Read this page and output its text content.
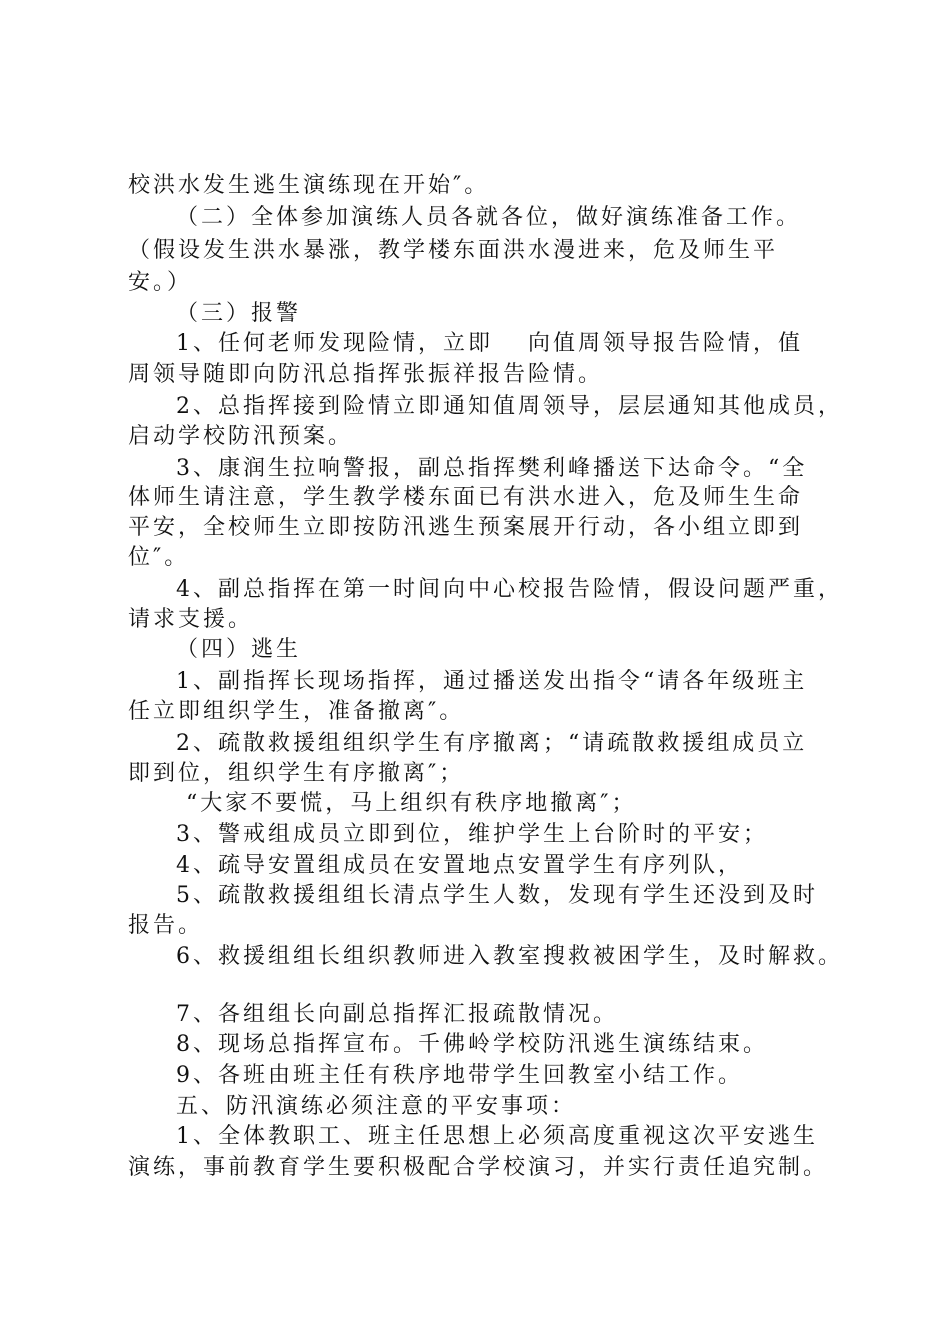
校洪水发生逃生演练现在开始″。

（二）全体参加演练人员各就各位，做好演练准备工作。

（假设发生洪水暴涨，教学楼东面洪水漫进来，危及师生平

安。）

（三）报警

1、任何老师发现险情，立即　 向值周领导报告险情，值

周领导随即向防汛总指挥张振祥报告险情。

2、总指挥接到险情立即通知值周领导，层层通知其他成员，

启动学校防汛预案。

3、康润生拉响警报，副总指挥樊利峰播送下达命令。“全

体师生请注意，学生教学楼东面已有洪水进入，危及师生生命

平安，全校师生立即按防汛逃生预案展开行动，各小组立即到

位″。

4、副总指挥在第一时间向中心校报告险情，假设问题严重，

请求支援。

（四）逃生

1、副指挥长现场指挥，通过播送发出指令“请各年级班主

任立即组织学生，准备撤离″。

2、疏散救援组组织学生有序撤离；“请疏散救援组成员立

即到位，组织学生有序撤离″；

“大家不要慌，马上组织有秩序地撤离″；

3、警戒组成员立即到位，维护学生上台阶时的平安；

4、疏导安置组成员在安置地点安置学生有序列队，

5、疏散救援组组长清点学生人数，发现有学生还没到及时

报告。

6、救援组组长组织教师进入教室搜救被困学生，及时解救。

7、各组组长向副总指挥汇报疏散情况。

8、现场总指挥宣布。千佛岭学校防汛逃生演练结束。

9、各班由班主任有秩序地带学生回教室小结工作。

五、防汛演练必须注意的平安事项：

1、全体教职工、班主任思想上必须高度重视这次平安逃生

演练，事前教育学生要积极配合学校演习，并实行责任追究制。
